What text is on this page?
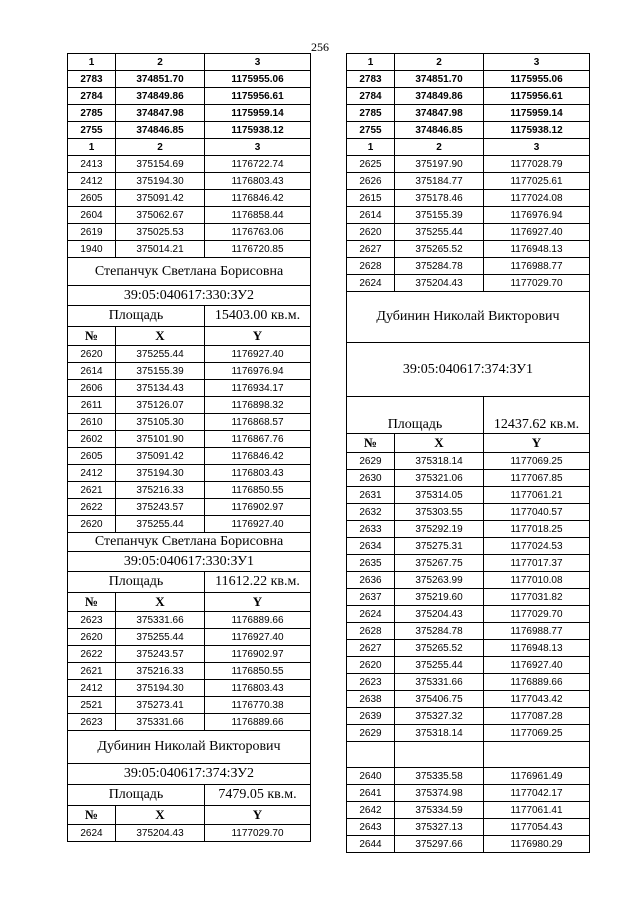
256
1	2	3
2783	374851.70	1175955.06
2784	374849.86	1175956.61
2785	374847.98	1175959.14
2755	374846.85	1175938.12
1	2	3
2413	375154.69	1176722.74
2412	375194.30	1176803.43
2605	375091.42	1176846.42
2604	375062.67	1176858.44
2619	375025.53	1176763.06
1940	375014.21	1176720.85
Степанчук Светлана Борисовна		
39:05:040617:330:ЗУ2		
Площадь		15403.00 кв.м.
№	X	Y
2620	375255.44	1176927.40
2614	375155.39	1176976.94
2606	375134.43	1176934.17
2611	375126.07	1176898.32
2610	375105.30	1176868.57
2602	375101.90	1176867.76
2605	375091.42	1176846.42
2412	375194.30	1176803.43
2621	375216.33	1176850.55
2622	375243.57	1176902.97
2620	375255.44	1176927.40
Степанчук Светлана Борисовна		
39:05:040617:330:ЗУ1		
Площадь		11612.22 кв.м.
№	X	Y
2623	375331.66	1176889.66
2620	375255.44	1176927.40
2622	375243.57	1176902.97
2621	375216.33	1176850.55
2412	375194.30	1176803.43
2521	375273.41	1176770.38
2623	375331.66	1176889.66
Дубинин Николай Викторович		
39:05:040617:374:ЗУ2		
Площадь		7479.05 кв.м.
№	X	Y
2624	375204.43	1177029.70
1	2	3
2783	374851.70	1175955.06
2784	374849.86	1175956.61
2785	374847.98	1175959.14
2755	374846.85	1175938.12
1	2	3
2625	375197.90	1177028.79
2626	375184.77	1177025.61
2615	375178.46	1177024.08
2614	375155.39	1176976.94
2620	375255.44	1176927.40
2627	375265.52	1176948.13
2628	375284.78	1176988.77
2624	375204.43	1177029.70
Дубинин Николай Викторович		
39:05:040617:374:ЗУ1		
Площадь		12437.62 кв.м.
№	X	Y
2629	375318.14	1177069.25
2630	375321.06	1177067.85
2631	375314.05	1177061.21
2632	375303.55	1177040.57
2633	375292.19	1177018.25
2634	375275.31	1177024.53
2635	375267.75	1177017.37
2636	375263.99	1177010.08
2637	375219.60	1177031.82
2624	375204.43	1177029.70
2628	375284.78	1176988.77
2627	375265.52	1176948.13
2620	375255.44	1176927.40
2623	375331.66	1176889.66
2638	375406.75	1177043.42
2639	375327.32	1177087.28
2629	375318.14	1177069.25

2640	375335.58	1176961.49
2641	375374.98	1177042.17
2642	375334.59	1177061.41
2643	375327.13	1177054.43
2644	375297.66	1176980.29
